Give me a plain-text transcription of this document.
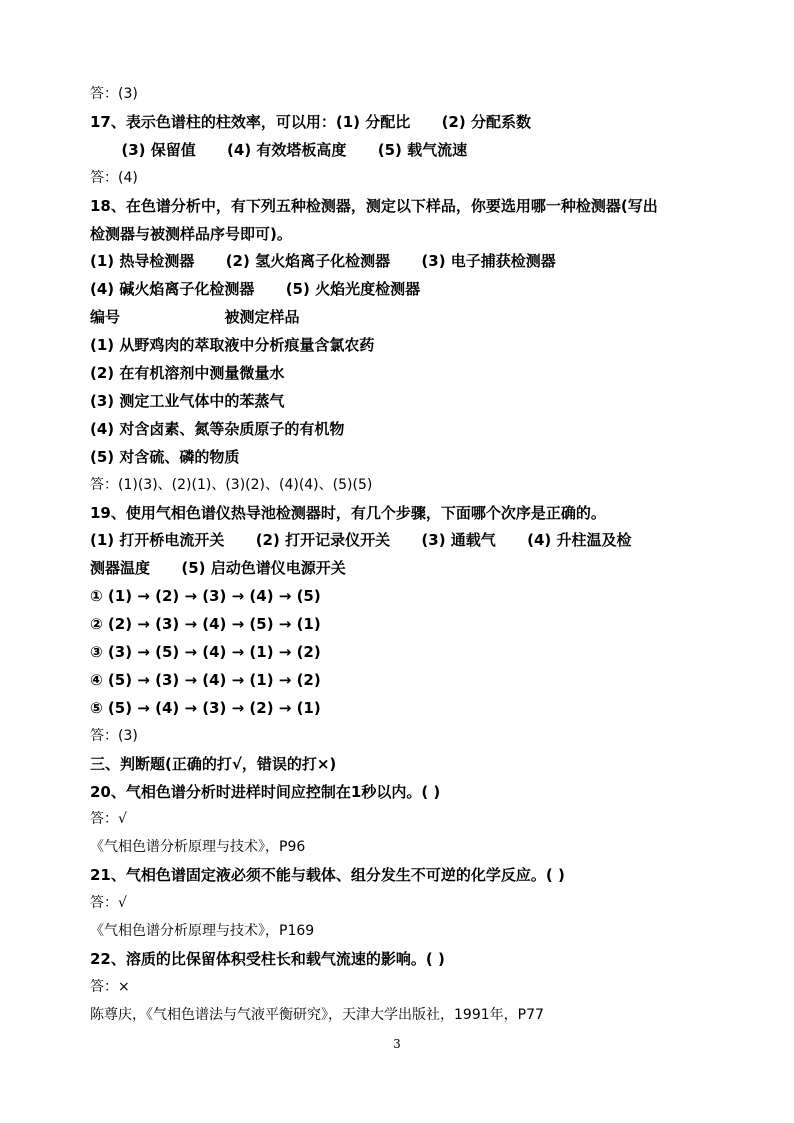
答：(3)
17、表示色谱柱的柱效率，可以用：(1) 分配比      (2) 分配系数
(3) 保留值      (4) 有效塔板高度      (5) 载气流速
答：(4)
18、在色谱分析中，有下列五种检测器，测定以下样品，你要选用哪一种检测器(写出
检测器与被测样品序号即可)。
(1) 热导检测器      (2) 氢火焰离子化检测器      (3) 电子捕获检测器
(4) 碱火焰离子化检测器      (5) 火焰光度检测器
编号                    被测定样品
(1) 从野鸡肉的萃取液中分析痕量含氯农药
(2) 在有机溶剂中测量微量水
(3) 测定工业气体中的苯蒸气
(4) 对含卤素、氮等杂质原子的有机物
(5) 对含硫、磷的物质
答：(1)(3)、(2)(1)、(3)(2)、(4)(4)、(5)(5)
19、使用气相色谱仪热导池检测器时，有几个步骤，下面哪个次序是正确的。
(1) 打开桥电流开关      (2) 打开记录仪开关      (3) 通载气      (4) 升柱温及检
测器温度      (5) 启动色谱仪电源开关
① (1) → (2) → (3) → (4) → (5)
② (2) → (3) → (4) → (5) → (1)
③ (3) → (5) → (4) → (1) → (2)
④ (5) → (3) → (4) → (1) → (2)
⑤ (5) → (4) → (3) → (2) → (1)
答：(3)
三、判断题(正确的打√，错误的打×)
20、气相色谱分析时进样时间应控制在1秒以内。( )
答：√
《气相色谱分析原理与技术》，P96
21、气相色谱固定液必须不能与载体、组分发生不可逆的化学反应。( )
答：√
《气相色谱分析原理与技术》，P169
22、溶质的比保留体积受柱长和载气流速的影响。( )
答：×
陈尊庆，《气相色谱法与气液平衡研究》，天津大学出版社，1991年，P77
3
